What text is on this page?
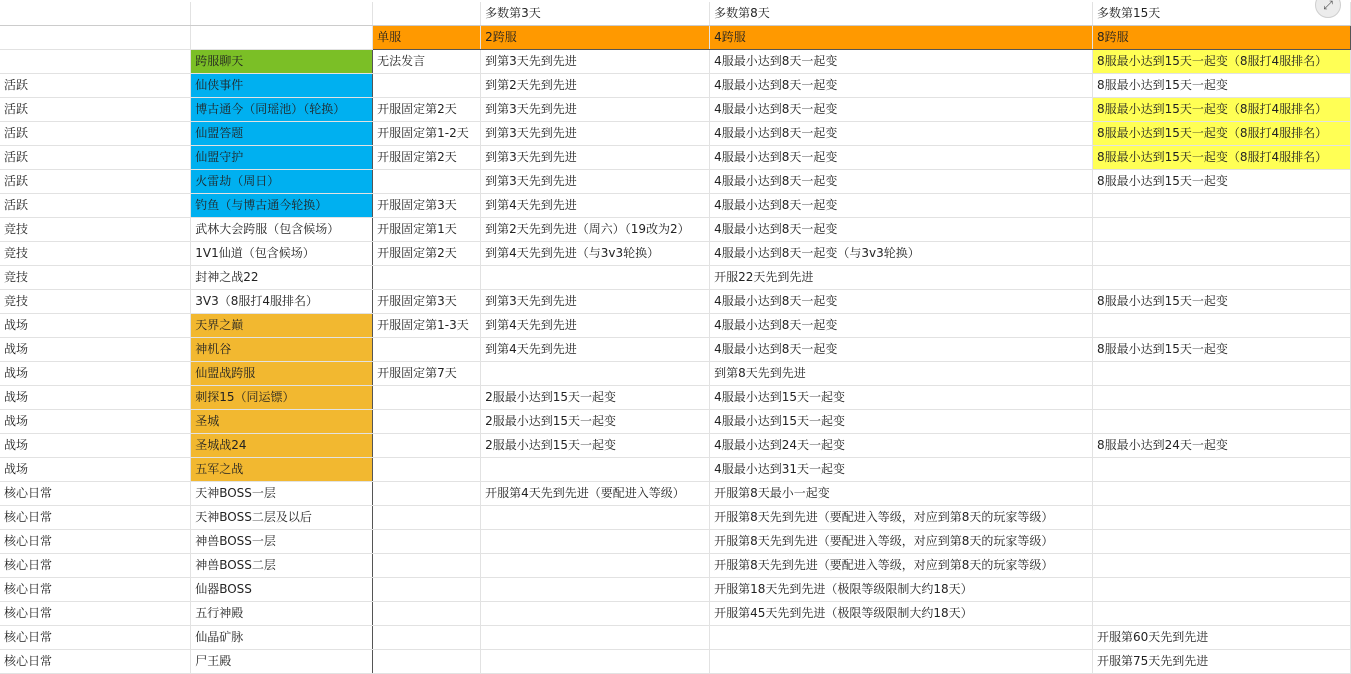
			多数第3天	多数第8天	多数第15天
		单服	2跨服	4跨服	8跨服
	跨服聊天	无法发言	到第3天先到先进	4服最小达到8天一起变	8服最小达到15天一起变（8服打4服排名）
活跃	仙侠事件		到第2天先到先进	4服最小达到8天一起变	8服最小达到15天一起变
活跃	博古通今（同瑶池）（轮换）	开服固定第2天	到第3天先到先进	4服最小达到8天一起变	8服最小达到15天一起变（8服打4服排名）
活跃	仙盟答题	开服固定第1-2天	到第3天先到先进	4服最小达到8天一起变	8服最小达到15天一起变（8服打4服排名）
活跃	仙盟守护	开服固定第2天	到第3天先到先进	4服最小达到8天一起变	8服最小达到15天一起变（8服打4服排名）
活跃	火雷劫（周日）		到第3天先到先进	4服最小达到8天一起变	8服最小达到15天一起变
活跃	钓鱼（与博古通今轮换）	开服固定第3天	到第4天先到先进	4服最小达到8天一起变	
竞技	武林大会跨服（包含候场）	开服固定第1天	到第2天先到先进（周六）（19改为2）	4服最小达到8天一起变	
竞技	1V1仙道（包含候场）	开服固定第2天	到第4天先到先进（与3v3轮换）	4服最小达到8天一起变（与3v3轮换）	
竞技	封神之战22			开服22天先到先进	
竞技	3V3（8服打4服排名）	开服固定第3天	到第3天先到先进	4服最小达到8天一起变	8服最小达到15天一起变
战场	天界之巅	开服固定第1-3天	到第4天先到先进	4服最小达到8天一起变	
战场	神机谷		到第4天先到先进	4服最小达到8天一起变	8服最小达到15天一起变
战场	仙盟战跨服	开服固定第7天		到第8天先到先进	
战场	刺探15（同运镖）		2服最小达到15天一起变	4服最小达到15天一起变	
战场	圣城		2服最小达到15天一起变	4服最小达到15天一起变	
战场	圣城战24		2服最小达到15天一起变	4服最小达到24天一起变	8服最小达到24天一起变
战场	五军之战			4服最小达到31天一起变	
核心日常	天神BOSS一层		开服第4天先到先进（要配进入等级）	开服第8天最小一起变	
核心日常	天神BOSS二层及以后			开服第8天先到先进（要配进入等级，对应到第8天的玩家等级）	
核心日常	神兽BOSS一层			开服第8天先到先进（要配进入等级，对应到第8天的玩家等级）	
核心日常	神兽BOSS二层			开服第8天先到先进（要配进入等级，对应到第8天的玩家等级）	
核心日常	仙器BOSS			开服第18天先到先进（极限等级限制大约18天）	
核心日常	五行神殿			开服第45天先到先进（极限等级限制大约18天）	
核心日常	仙晶矿脉				开服第60天先到先进
核心日常	尸王殿				开服第75天先到先进
⤢
